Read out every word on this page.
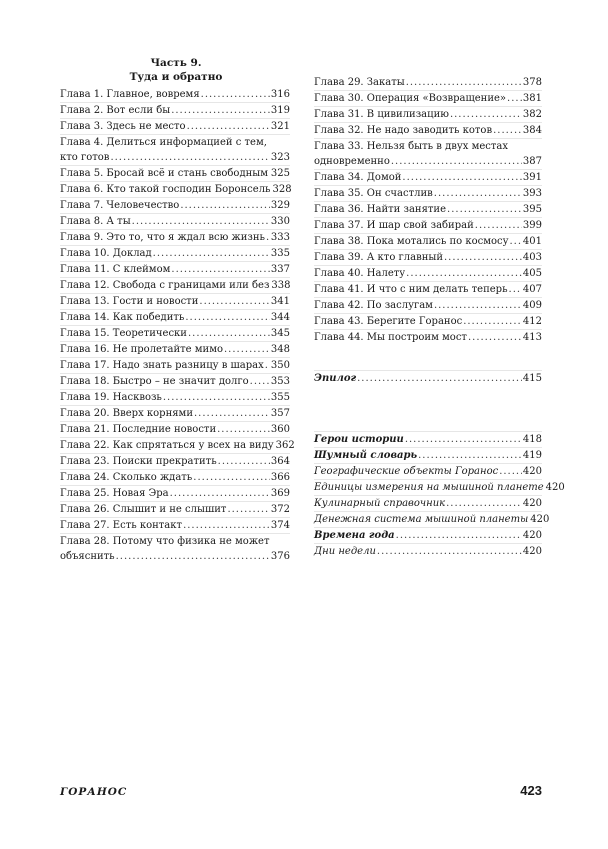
Часть 9.
Туда и обратно
Глава 1. Главное, вовремя .....	316
Глава 2. Вот если бы .....	319
Глава 3. Здесь не место .....	321
Глава 4. Делиться информацией с тем,
кто готов .....	323
Глава 5. Бросай всё и стань свободным ..... 325
Глава 6. Кто такой господин Боронсель 328
Глава 7. Человечество .....	329
Глава 8. А ты .....	330
Глава 9. Это то, что я ждал всю жизнь ..... 333
Глава 10. Доклад .....	335
Глава 11. С клеймом .....	337
Глава 12. Свобода с границами или без 338
Глава 13. Гости и новости .....	341
Глава 14. Как победить .....	344
Глава 15. Теоретически .....	345
Глава 16. Не пролетайте мимо .....	348
Глава 17. Надо знать разницу в шарах ..... 350
Глава 18. Быстро – не значит долго ..... 353
Глава 19. Насквозь .....	355
Глава 20. Вверх корнями .....	357
Глава 21. Последние новости .....	360
Глава 22. Как спрятаться у всех на виду 362
Глава 23. Поиски прекратить .....	364
Глава 24. Сколько ждать .....	366
Глава 25. Новая Эра .....	369
Глава 26. Слышит и не слышит .....	372
Глава 27. Есть контакт .....	374
Глава 28. Потому что физика не может
объяснить .....	376
Глава 29. Закаты .....	378
Глава 30. Операция «Возвращение» ..... 381
Глава 31. В цивилизацию .....	382
Глава 32. Не надо заводить котов .....	384
Глава 33. Нельзя быть в двух местах
одновременно .....	387
Глава 34. Домой .....	391
Глава 35. Он счастлив .....	393
Глава 36. Найти занятие .....	395
Глава 37. И шар свой забирай .....	399
Глава 38. Пока мотались по космосу ..... 401
Глава 39. А кто главный .....	403
Глава 40. Налету .....	405
Глава 41. И что с ним делать теперь ..... 407
Глава 42. По заслугам .....	409
Глава 43. Берегите Горанос .....	412
Глава 44. Мы построим мост .....	413
Эпилог .....	415
Герои истории .....	418
Шумный словарь .....	419
Географические объекты Горанос ..... 420
Единицы измерения на мышиной планете 420
Кулинарный справочник .....	420
Денежная система мышиной планеты 420
Времена года .....	420
Дни недели .....	420
ГОРАНОС	423
